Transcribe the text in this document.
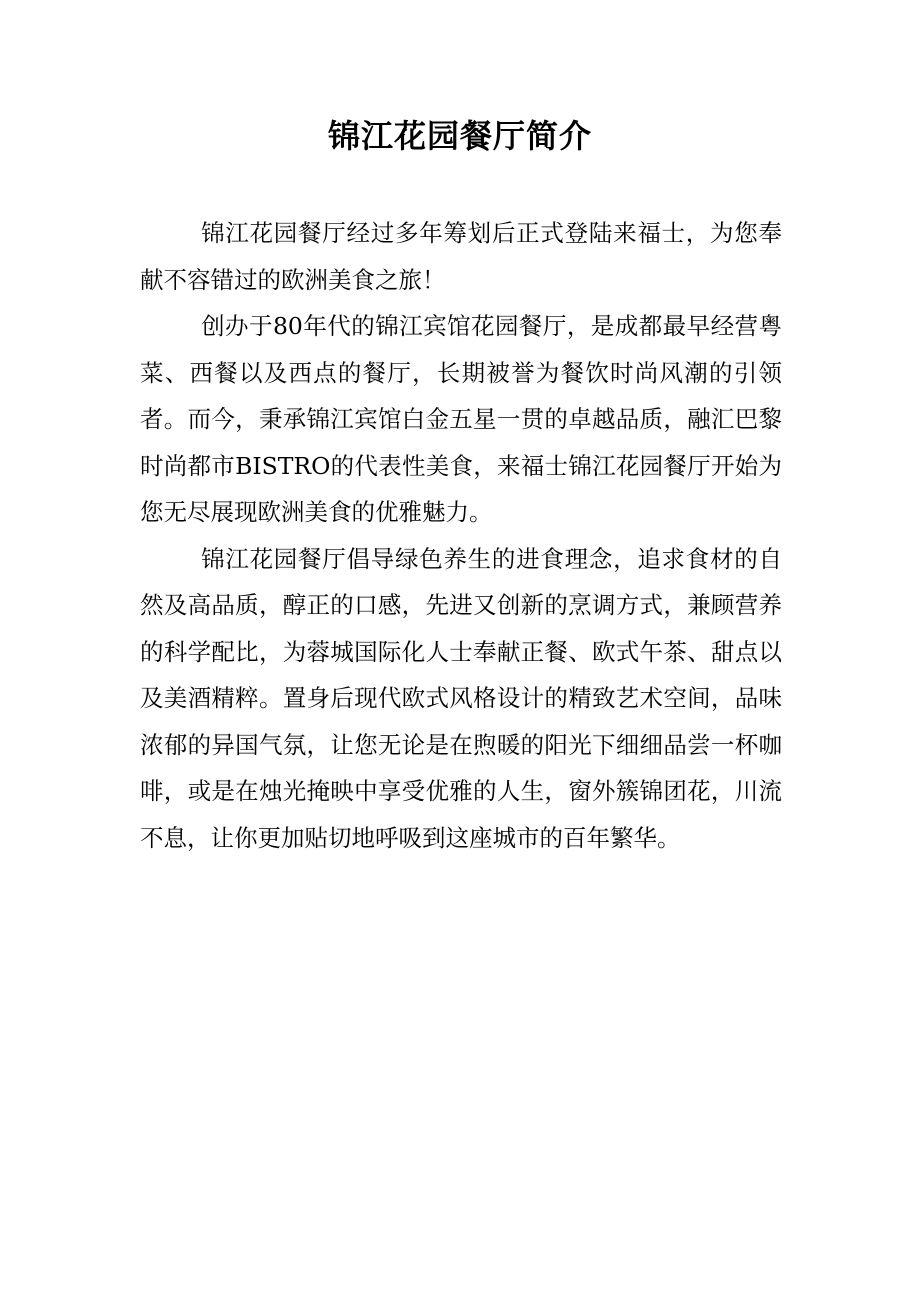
锦江花园餐厅简介

锦江花园餐厅经过多年筹划后正式登陆来福士，为您奉献不容错过的欧洲美食之旅！

创办于80年代的锦江宾馆花园餐厅，是成都最早经营粤菜、西餐以及西点的餐厅，长期被誉为餐饮时尚风潮的引领者。而今，秉承锦江宾馆白金五星一贯的卓越品质，融汇巴黎时尚都市BISTRO的代表性美食，来福士锦江花园餐厅开始为您无尽展现欧洲美食的优雅魅力。

锦江花园餐厅倡导绿色养生的进食理念，追求食材的自然及高品质，醇正的口感，先进又创新的烹调方式，兼顾营养的科学配比，为蓉城国际化人士奉献正餐、欧式午茶、甜点以及美酒精粹。置身后现代欧式风格设计的精致艺术空间，品味浓郁的异国气氛，让您无论是在煦暖的阳光下细细品尝一杯咖啡，或是在烛光掩映中享受优雅的人生，窗外簇锦团花，川流不息，让你更加贴切地呼吸到这座城市的百年繁华。
